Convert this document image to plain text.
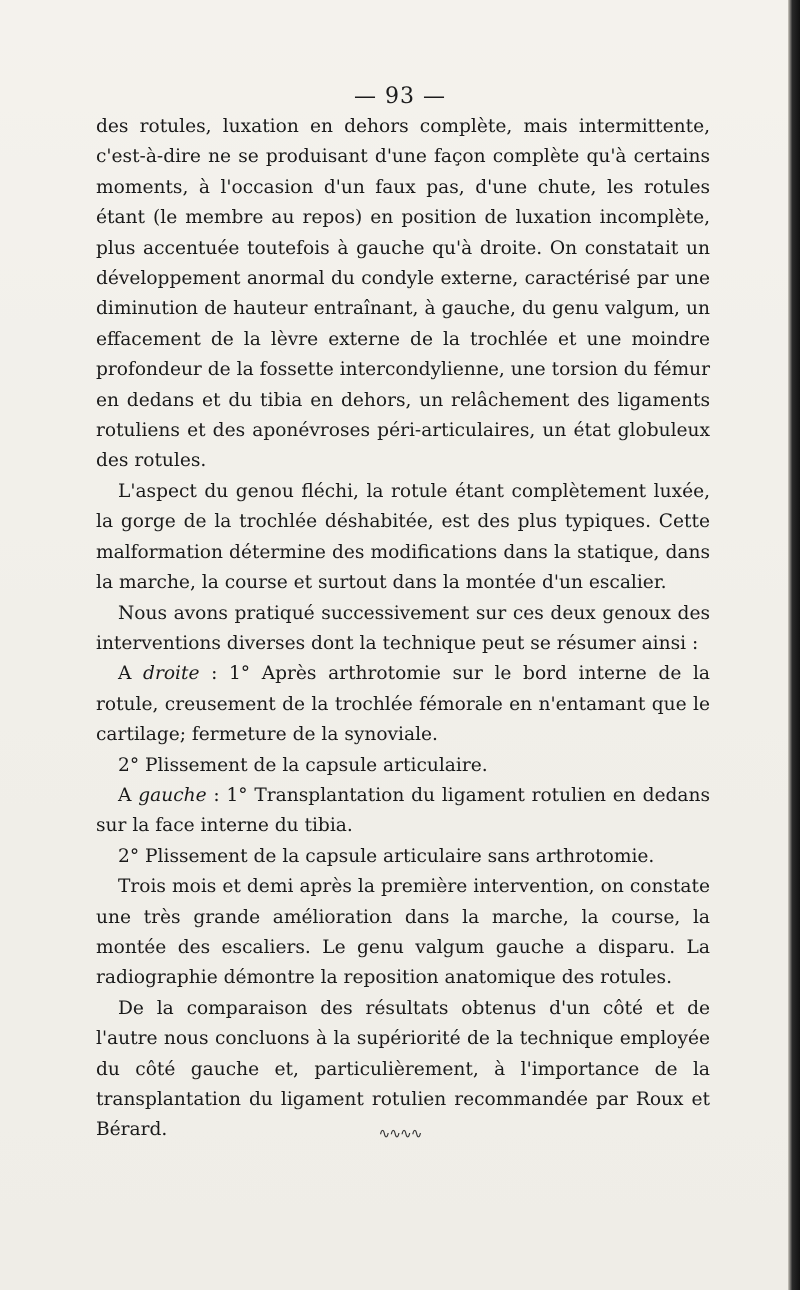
— 93 —

des rotules, luxation en dehors complète, mais intermittente, c'est-à-dire ne se produisant d'une façon complète qu'à certains moments, à l'occasion d'un faux pas, d'une chute, les rotules étant (le membre au repos) en position de luxation incomplète, plus accentuée toutefois à gauche qu'à droite. On constatait un développement anormal du condyle externe, caractérisé par une diminution de hauteur entraînant, à gauche, du genu valgum, un effacement de la lèvre externe de la trochlée et une moindre profondeur de la fossette intercondylienne, une torsion du fémur en dedans et du tibia en dehors, un relâchement des ligaments rotuliens et des aponévroses péri-articulaires, un état globuleux des rotules.

L'aspect du genou fléchi, la rotule étant complètement luxée, la gorge de la trochlée déshabitée, est des plus typiques. Cette malformation détermine des modifications dans la statique, dans la marche, la course et surtout dans la montée d'un escalier.

Nous avons pratiqué successivement sur ces deux genoux des interventions diverses dont la technique peut se résumer ainsi :

A droite : 1° Après arthrotomie sur le bord interne de la rotule, creusement de la trochlée fémorale en n'entamant que le cartilage; fermeture de la synoviale.

2° Plissement de la capsule articulaire.

A gauche : 1° Transplantation du ligament rotulien en dedans sur la face interne du tibia.

2° Plissement de la capsule articulaire sans arthrotomie.

Trois mois et demi après la première intervention, on constate une très grande amélioration dans la marche, la course, la montée des escaliers. Le genu valgum gauche a disparu. La radiographie démontre la reposition anatomique des rotules.

De la comparaison des résultats obtenus d'un côté et de l'autre nous concluons à la supériorité de la technique employée du côté gauche et, particulièrement, à l'importance de la transplantation du ligament rotulien recommandée par Roux et Bérard.	∿∿∿∿
